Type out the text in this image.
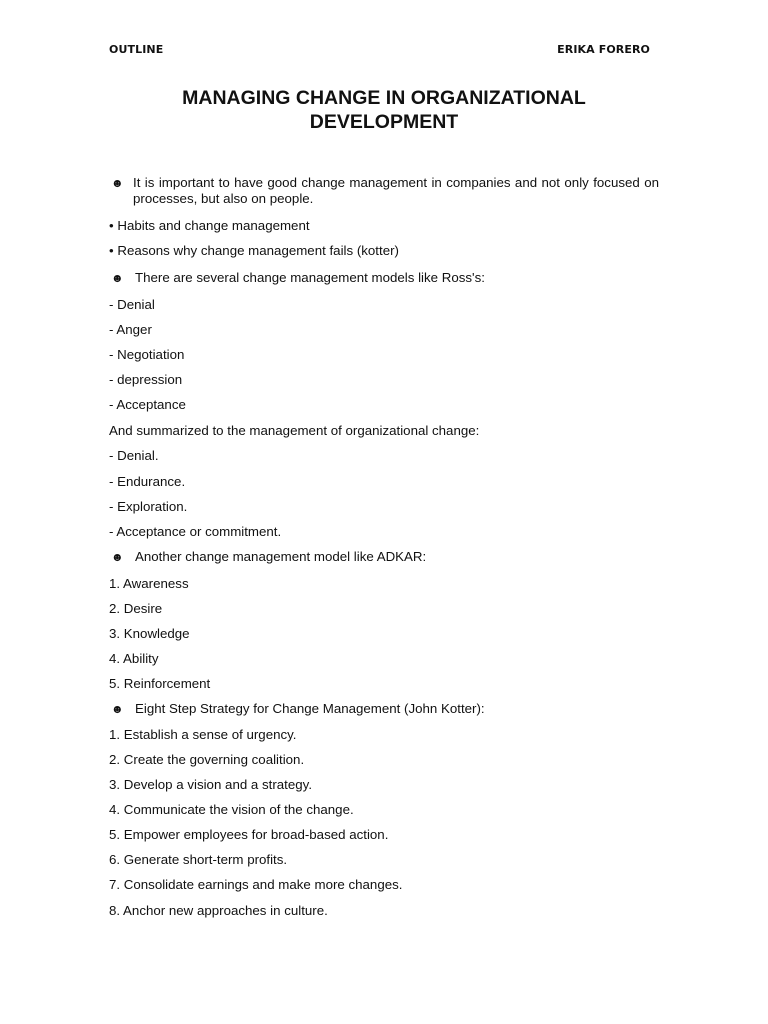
OUTLINE	ERIKA FORERO
MANAGING CHANGE IN ORGANIZATIONAL
DEVELOPMENT
☻ It is important to have good change management in companies and not only focused on processes, but also on people.
• Habits and change management
• Reasons why change management fails (kotter)
☻ There are several change management models like Ross's:
- Denial
- Anger
- Negotiation
- depression
- Acceptance
And summarized to the management of organizational change:
- Denial.
- Endurance.
- Exploration.
- Acceptance or commitment.
☻ Another change management model like ADKAR:
1. Awareness
2. Desire
3. Knowledge
4. Ability
5. Reinforcement
☻ Eight Step Strategy for Change Management (John Kotter):
1. Establish a sense of urgency.
2. Create the governing coalition.
3. Develop a vision and a strategy.
4. Communicate the vision of the change.
5. Empower employees for broad-based action.
6. Generate short-term profits.
7. Consolidate earnings and make more changes.
8. Anchor new approaches in culture.
